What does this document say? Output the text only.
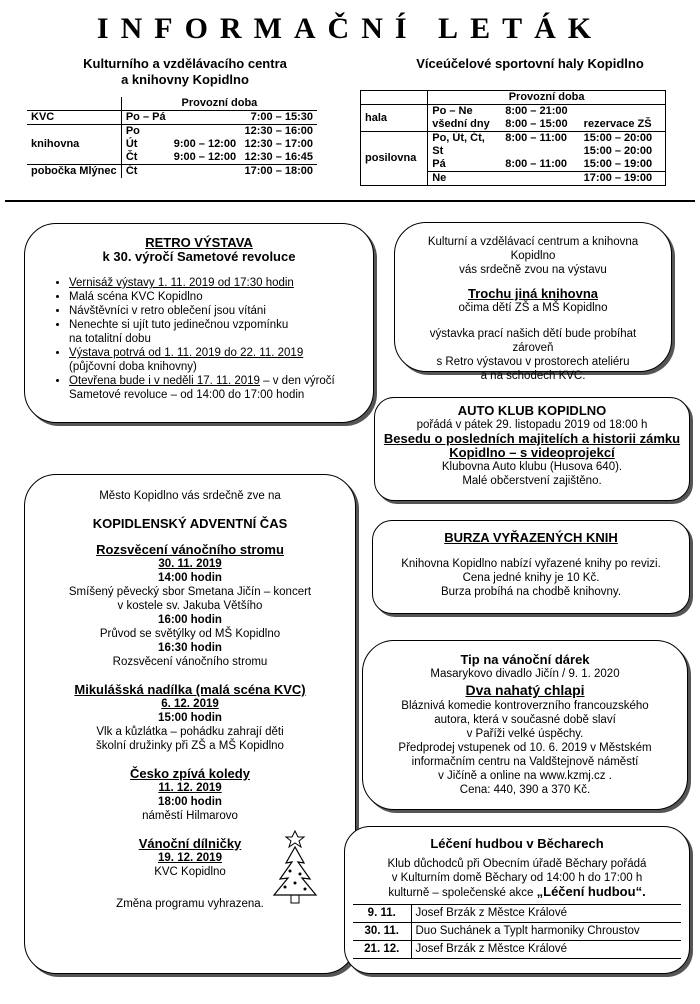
INFORMAČNÍ LETÁK
Kulturního a vzdělávacího centra
a knihovny Kopidlno
Víceúčelové sportovní haly Kopidlno
	Provozní doba		
KVC	Po – Pá		7:00 – 15:30
knihovna	Po		12:30 – 16:00
	Út	9:00 – 12:00	12:30 – 17:00
	Čt	9:00 – 12:00	12:30 – 16:45
pobočka Mlýnec	Čt		17:00 – 18:00
	Provozní doba		
hala	Po – Ne	8:00 – 21:00	
	všední dny	8:00 – 15:00	rezervace ZŠ
posilovna	Po, Út, Čt,	8:00 – 11:00	15:00 – 20:00
	St		15:00 – 20:00
	Pá	8:00 – 11:00	15:00 – 19:00
	Ne		17:00 – 19:00
RETRO VÝSTAVA
k 30. výročí Sametové revoluce
• Vernisáž výstavy 1. 11. 2019 od 17:30 hodin
• Malá scéna KVC Kopidlno
• Návštěvníci v retro oblečení jsou vítáni
• Nenechte si ujít tuto jedinečnou vzpomínku
na totalitní dobu
• Výstava potrvá od 1. 11. 2019 do 22. 11. 2019
(půjčovní doba knihovny)
• Otevřena bude i v neděli 17. 11. 2019 – v den výročí
Sametové revoluce – od 14:00 do 17:00 hodin
Kulturní a vzdělávací centrum a knihovna Kopidlno
vás srdečně zvou na výstavu
Trochu jiná knihovna
očima dětí ZŠ a MŠ Kopidlno
výstavka prací našich dětí bude probíhat zároveň
s Retro výstavou v prostorech ateliéru
a na schodech KVC.
AUTO KLUB KOPIDLNO
pořádá v pátek 29. listopadu 2019 od 18:00 h
Besedu o posledních majitelích a historii zámku
Kopidlno – s videoprojekcí
Klubovna Auto klubu (Husova 640).
Malé občerstvení zajištěno.
Město Kopidlno vás srdečně zve na
KOPIDLENSKÝ ADVENTNÍ ČAS
Rozsvěcení vánočního stromu
30. 11. 2019
14:00 hodin
Smíšený pěvecký sbor Smetana Jičín – koncert
v kostele sv. Jakuba Většího
16:00 hodin
Průvod se světýlky od MŠ Kopidlno
16:30 hodin
Rozsvěcení vánočního stromu
Mikulášská nadílka (malá scéna KVC)
6. 12. 2019
15:00 hodin
Vlk a kůzlátka – pohádku zahrají děti
školní družinky při ZŠ a MŠ Kopidlno
Česko zpívá koledy
11. 12. 2019
18:00 hodin
náměstí Hilmarovo
Vánoční dílničky
19. 12. 2019
KVC Kopidlno
Změna programu vyhrazena.
BURZA VYŘAZENÝCH KNIH
Knihovna Kopidlno nabízí vyřazené knihy po revizi.
Cena jedné knihy je 10 Kč.
Burza probíhá na chodbě knihovny.
Tip na vánoční dárek
Masarykovo divadlo Jičín / 9. 1. 2020
Dva nahatý chlapi
Bláznivá komedie kontroverzního francouzského
autora, která v současné době slaví
v Paříži velké úspěchy.
Předprodej vstupenek od 10. 6. 2019 v Městském
informačním centru na Valdštejnově náměstí
v Jičíně a online na www.kzmj.cz .
Cena: 440, 390 a 370 Kč.
Léčení hudbou v Běcharech
Klub důchodců při Obecním úřadě Běchary pořádá
v Kulturním domě Běchary od 14:00 h do 17:00 h
kulturně – společenské akce „Léčení hudbou“.
9. 11.	Josef Brzák z Městce Králové
30. 11.	Duo Suchánek a Typlt harmoniky Chroustov
21. 12.	Josef Brzák z Městce Králové
